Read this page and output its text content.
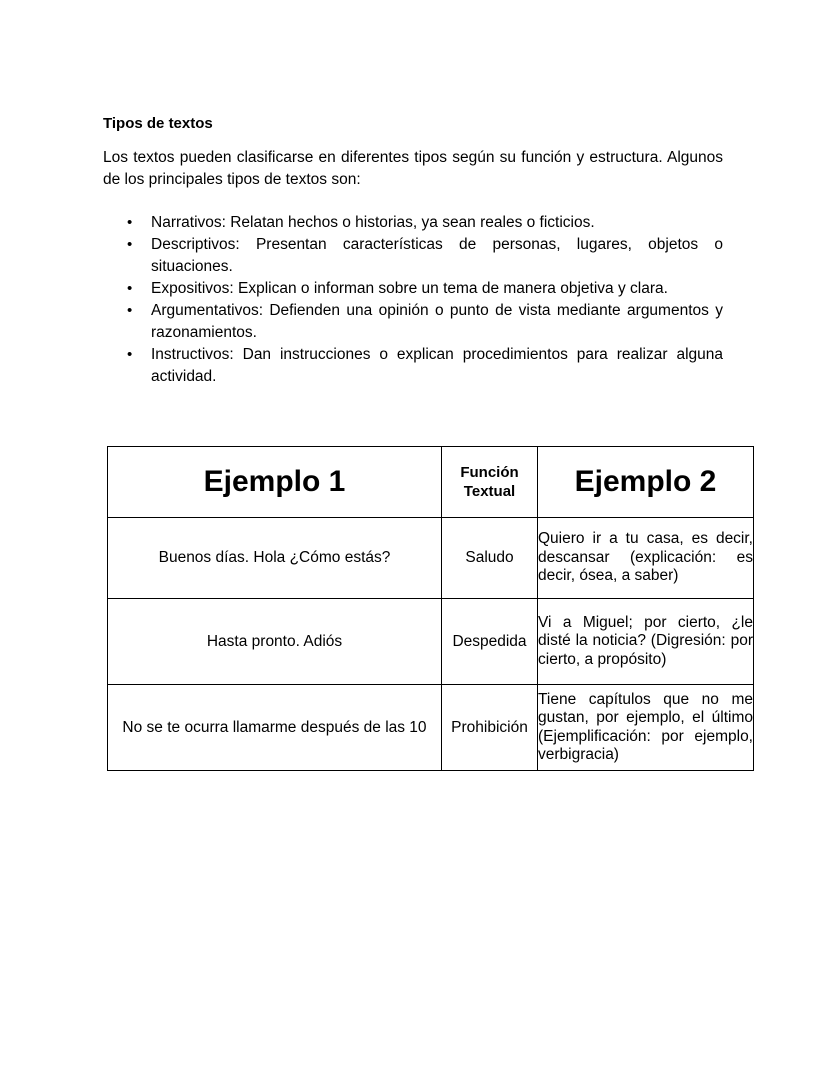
Tipos de textos

Los textos pueden clasificarse en diferentes tipos según su función y estructura. Algunos de los principales tipos de textos son:

• Narrativos: Relatan hechos o historias, ya sean reales o ficticios.
• Descriptivos: Presentan características de personas, lugares, objetos o situaciones.
• Expositivos: Explican o informan sobre un tema de manera objetiva y clara.
• Argumentativos: Defienden una opinión o punto de vista mediante argumentos y razonamientos.
• Instructivos: Dan instrucciones o explican procedimientos para realizar alguna actividad.
Ejemplo 1	Función Textual	Ejemplo 2
Buenos días. Hola ¿Cómo estás?	Saludo	Quiero ir a tu casa, es decir, descansar (explicación: es decir, ósea, a saber)
Hasta pronto. Adiós	Despedida	Vi a Miguel; por cierto, ¿le disté la noticia? (Digresión: por cierto, a propósito)
No se te ocurra llamarme después de las 10	Prohibición	Tiene capítulos que no me gustan, por ejemplo, el último (Ejemplificación: por ejemplo, verbigracia)
